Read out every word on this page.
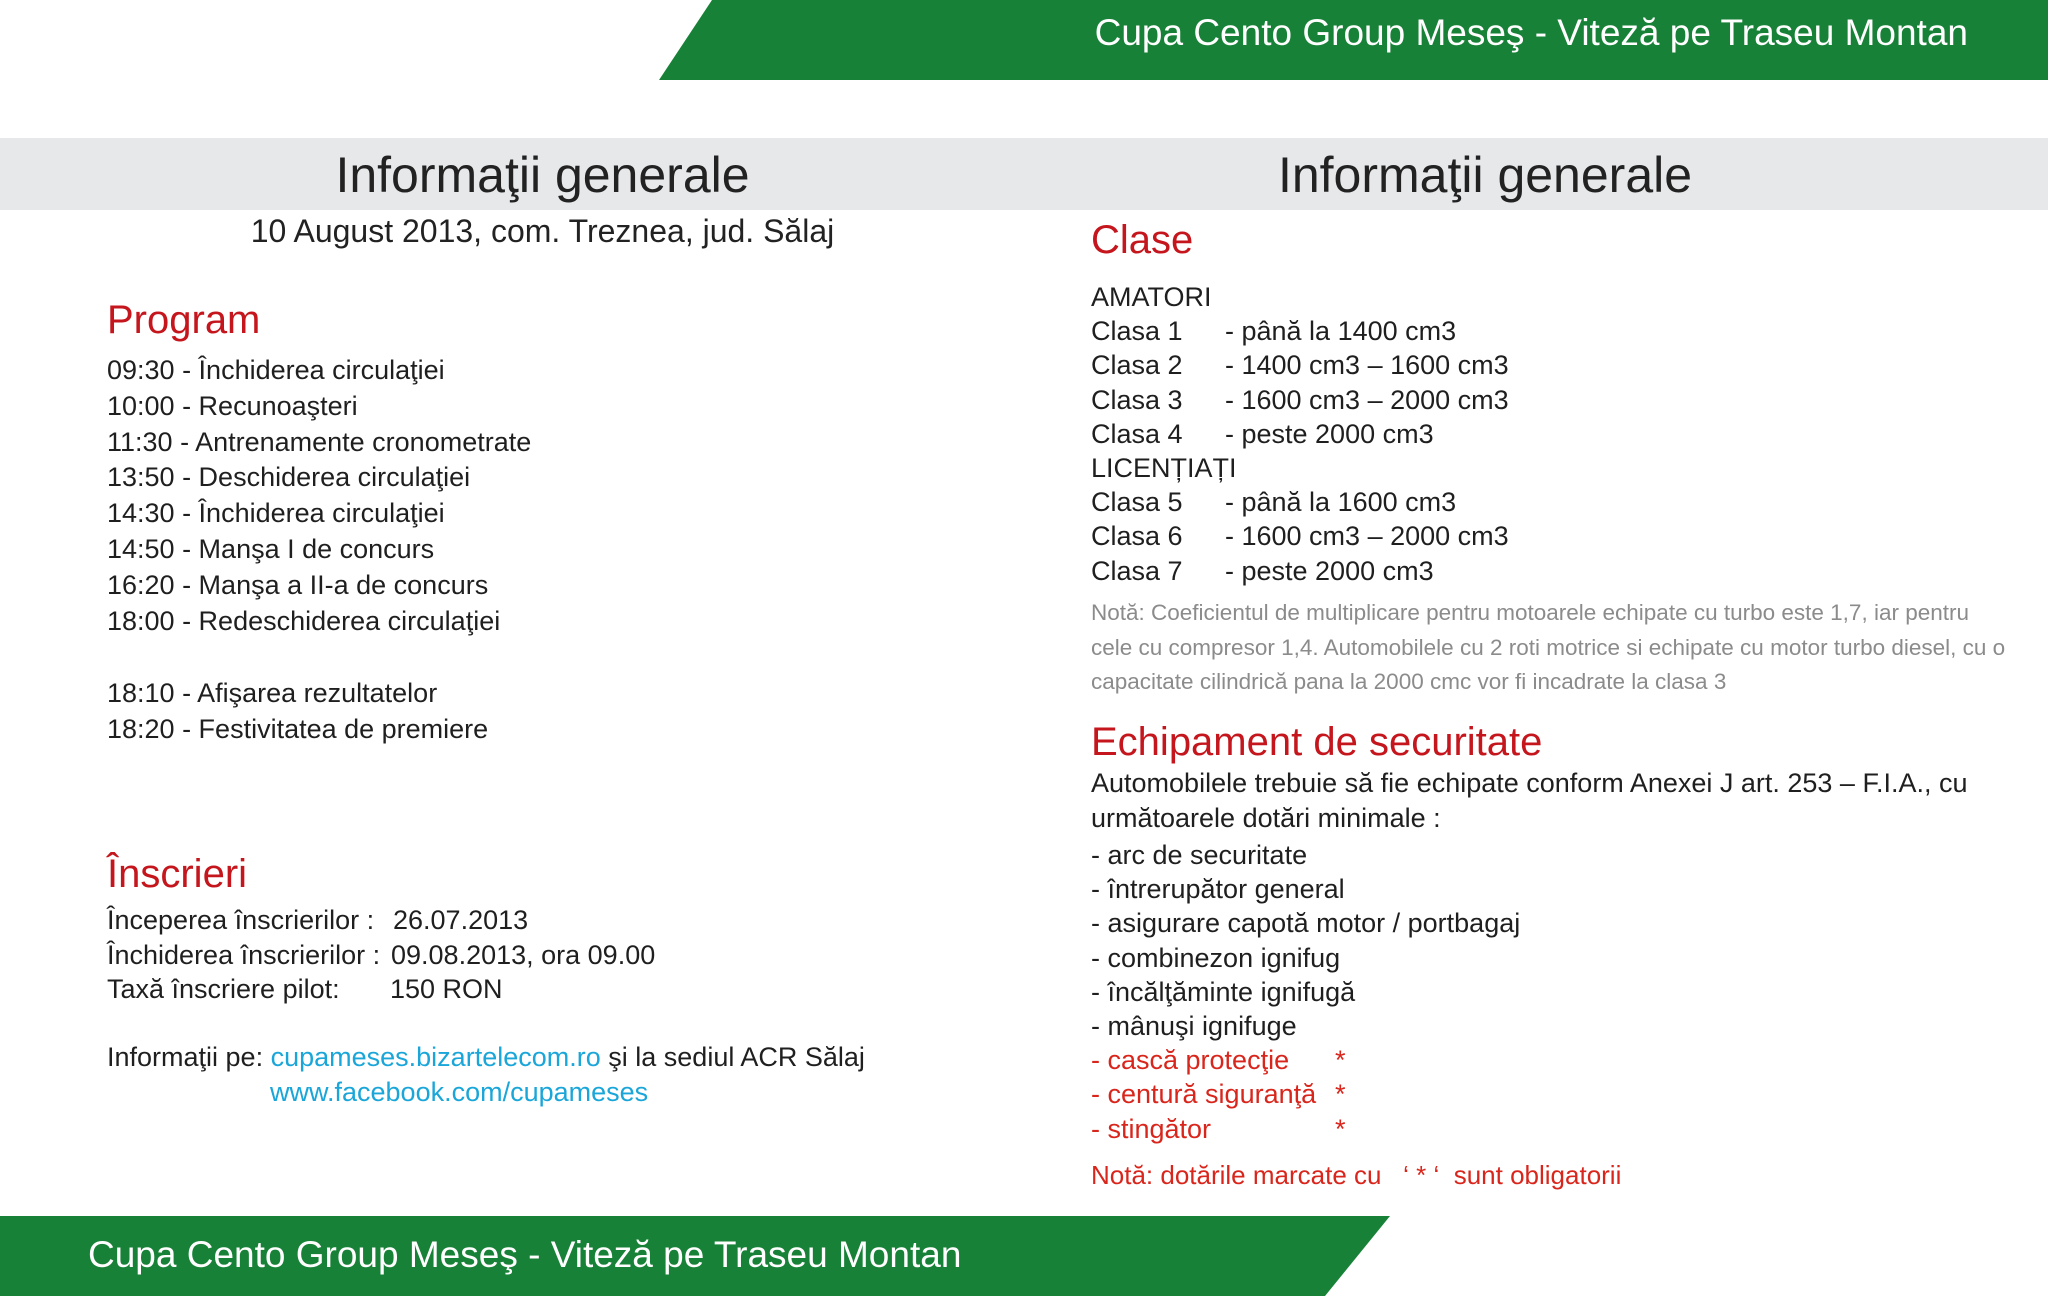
Cupa Cento Group Meseş - Viteză pe Traseu Montan
Informaţii generale	Informaţii generale
10 August 2013, com. Treznea, jud. Sălaj
Program
09:30 - Închiderea circulaţiei
10:00 - Recunoaşteri
11:30 - Antrenamente cronometrate
13:50 - Deschiderea circulaţiei
14:30 - Închiderea circulaţiei
14:50 - Manşa I de concurs
16:20 - Manşa a II-a de concurs
18:00 - Redeschiderea circulaţiei
18:10 - Afişarea rezultatelor
18:20 - Festivitatea de premiere
Înscrieri
Începerea înscrierilor : 26.07.2013
Închiderea înscrierilor : 09.08.2013, ora 09.00
Taxă înscriere pilot: 150 RON
Informaţii pe: cupameses.bizartelecom.ro şi la sediul ACR Sălaj
www.facebook.com/cupameses
Clase
AMATORI
Clasa 1 - până la 1400 cm3
Clasa 2 - 1400 cm3 – 1600 cm3
Clasa 3 - 1600 cm3 – 2000 cm3
Clasa 4 - peste 2000 cm3
LICENȚIAȚI
Clasa 5 - până la 1600 cm3
Clasa 6 - 1600 cm3 – 2000 cm3
Clasa 7 - peste 2000 cm3
Notă: Coeficientul de multiplicare pentru motoarele echipate cu turbo este 1,7, iar pentru cele cu compresor 1,4. Automobilele cu 2 roti motrice si echipate cu motor turbo diesel, cu o capacitate cilindrică pana la 2000 cmc vor fi incadrate la clasa 3
Echipament de securitate
Automobilele trebuie să fie echipate conform Anexei J art. 253 – F.I.A., cu următoarele dotări minimale :
- arc de securitate
- întrerupător general
- asigurare capotă motor / portbagaj
- combinezon ignifug
- încălţăminte ignifugă
- mânuşi ignifuge
- cască protecţie *
- centură siguranţă *
- stingător	*
Notă: dotările marcate cu   ‘ * ‘  sunt obligatorii
Cupa Cento Group Meseş - Viteză pe Traseu Montan
